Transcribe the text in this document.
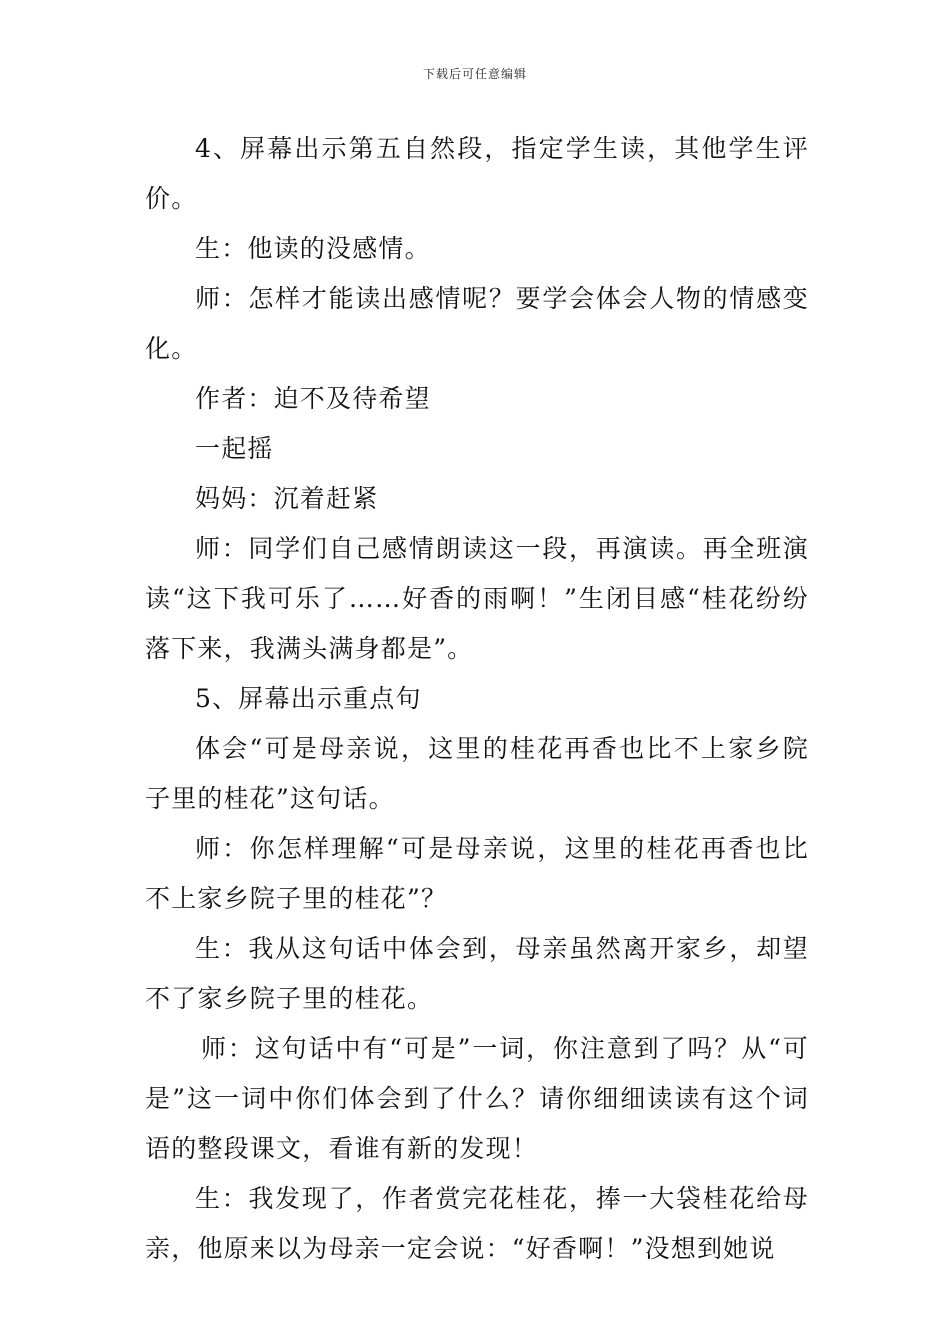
下载后可任意编辑

4、屏幕出示第五自然段，指定学生读，其他学生评价。

生：他读的没感情。

师：怎样才能读出感情呢？要学会体会人物的情感变化。

作者：迫不及待希望

一起摇

妈妈：沉着赶紧

师：同学们自己感情朗读这一段，再演读。再全班演读“这下我可乐了……好香的雨啊！”生闭目感“桂花纷纷落下来，我满头满身都是”。

5、屏幕出示重点句

体会“可是母亲说，这里的桂花再香也比不上家乡院子里的桂花”这句话。

师：你怎样理解“可是母亲说，这里的桂花再香也比不上家乡院子里的桂花”？

生：我从这句话中体会到，母亲虽然离开家乡，却望不了家乡院子里的桂花。

师：这句话中有“可是”一词，你注意到了吗？从“可是”这一词中你们体会到了什么？请你细细读读有这个词语的整段课文，看谁有新的发现！

生：我发现了，作者赏完花桂花，捧一大袋桂花给母亲，他原来以为母亲一定会说：“好香啊！”没想到她说
